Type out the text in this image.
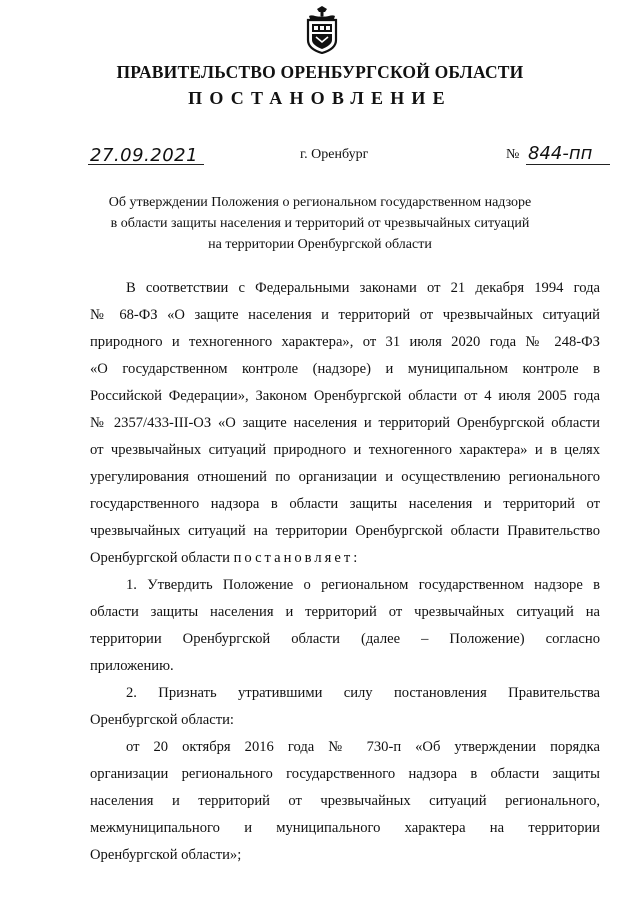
ПРАВИТЕЛЬСТВО ОРЕНБУРГСКОЙ ОБЛАСТИ
ПОСТАНОВЛЕНИЕ
27.09.2021	г. Оренбург	№ 844-пп
Об утверждении Положения о региональном государственном надзоре
в области защиты населения и территорий от чрезвычайных ситуаций
на территории Оренбургской области
В соответствии с Федеральными законами от 21 декабря 1994 года
№ 68-ФЗ «О защите населения и территорий от чрезвычайных ситуаций
природного и техногенного характера», от 31 июля 2020 года № 248-ФЗ
«О государственном контроле (надзоре) и муниципальном контроле в
Российской Федерации», Законом Оренбургской области от 4 июля 2005 года
№ 2357/433-III-ОЗ «О защите населения и территорий Оренбургской области
от чрезвычайных ситуаций природного и техногенного характера» и в целях
урегулирования отношений по организации и осуществлению регионального
государственного надзора в области защиты населения и территорий от
чрезвычайных ситуаций на территории Оренбургской области Правительство
Оренбургской области постановляет:
1. Утвердить Положение о региональном государственном надзоре в
области защиты населения и территорий от чрезвычайных ситуаций на
территории Оренбургской области (далее – Положение) согласно
приложению.
2. Признать утратившими силу постановления Правительства
Оренбургской области:
от 20 октября 2016 года № 730-п «Об утверждении порядка
организации регионального государственного надзора в области защиты
населения и территорий от чрезвычайных ситуаций регионального,
межмуниципального и муниципального характера на территории
Оренбургской области»;
